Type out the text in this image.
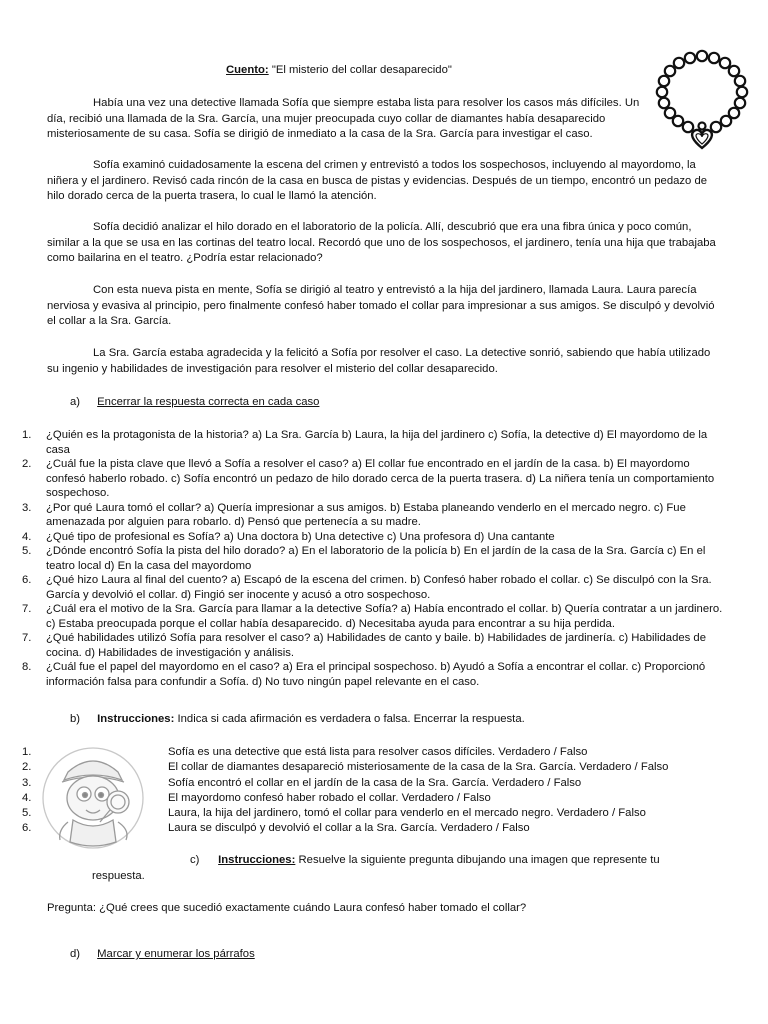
Cuento: "El misterio del collar desaparecido"
Había una vez una detective llamada Sofía que siempre estaba lista para resolver los casos más difíciles. Un día, recibió una llamada de la Sra. García, una mujer preocupada cuyo collar de diamantes había desaparecido misteriosamente de su casa. Sofía se dirigió de inmediato a la casa de la Sra. García para investigar el caso.
Sofía examinó cuidadosamente la escena del crimen y entrevistó a todos los sospechosos, incluyendo al mayordomo, la niñera y el jardinero. Revisó cada rincón de la casa en busca de pistas y evidencias. Después de un tiempo, encontró un pedazo de hilo dorado cerca de la puerta trasera, lo cual le llamó la atención.
Sofía decidió analizar el hilo dorado en el laboratorio de la policía. Allí, descubrió que era una fibra única y poco común, similar a la que se usa en las cortinas del teatro local. Recordó que uno de los sospechosos, el jardinero, tenía una hija que trabajaba como bailarina en el teatro. ¿Podría estar relacionado?
Con esta nueva pista en mente, Sofía se dirigió al teatro y entrevistó a la hija del jardinero, llamada Laura. Laura parecía nerviosa y evasiva al principio, pero finalmente confesó haber tomado el collar para impresionar a sus amigos. Se disculpó y devolvió el collar a la Sra. García.
La Sra. García estaba agradecida y la felicitó a Sofía por resolver el caso. La detective sonrió, sabiendo que había utilizado su ingenio y habilidades de investigación para resolver el misterio del collar desaparecido.
a) Encerrar la respuesta correcta en cada caso
1. ¿Quién es la protagonista de la historia? a) La Sra. García b) Laura, la hija del jardinero c) Sofía, la detective d) El mayordomo de la casa
2. ¿Cuál fue la pista clave que llevó a Sofía a resolver el caso? a) El collar fue encontrado en el jardín de la casa. b) El mayordomo confesó haberlo robado. c) Sofía encontró un pedazo de hilo dorado cerca de la puerta trasera. d) La niñera tenía un comportamiento sospechoso.
3. ¿Por qué Laura tomó el collar? a) Quería impresionar a sus amigos. b) Estaba planeando venderlo en el mercado negro. c) Fue amenazada por alguien para robarlo. d) Pensó que pertenecía a su madre.
4. ¿Qué tipo de profesional es Sofía? a) Una doctora b) Una detective c) Una profesora d) Una cantante
5. ¿Dónde encontró Sofía la pista del hilo dorado? a) En el laboratorio de la policía b) En el jardín de la casa de la Sra. García c) En el teatro local d) En la casa del mayordomo
6. ¿Qué hizo Laura al final del cuento? a) Escapó de la escena del crimen. b) Confesó haber robado el collar. c) Se disculpó con la Sra. García y devolvió el collar. d) Fingió ser inocente y acusó a otro sospechoso.
7. ¿Cuál era el motivo de la Sra. García para llamar a la detective Sofía? a) Había encontrado el collar. b) Quería contratar a un jardinero. c) Estaba preocupada porque el collar había desaparecido. d) Necesitaba ayuda para encontrar a su hija perdida.
7. ¿Qué habilidades utilizó Sofía para resolver el caso? a) Habilidades de canto y baile. b) Habilidades de jardinería. c) Habilidades de cocina. d) Habilidades de investigación y análisis.
8. ¿Cuál fue el papel del mayordomo en el caso? a) Era el principal sospechoso. b) Ayudó a Sofía a encontrar el collar. c) Proporcionó información falsa para confundir a Sofía. d) No tuvo ningún papel relevante en el caso.
b) Instrucciones: Indica si cada afirmación es verdadera o falsa. Encerrar la respuesta.
1.	Sofía es una detective que está lista para resolver casos difíciles. Verdadero / Falso
2.	El collar de diamantes desapareció misteriosamente de la casa de la Sra. García. Verdadero / Falso
3.	Sofía encontró el collar en el jardín de la casa de la Sra. García. Verdadero / Falso
4.	El mayordomo confesó haber robado el collar. Verdadero / Falso
5.	Laura, la hija del jardinero, tomó el collar para venderlo en el mercado negro. Verdadero / Falso
6.	Laura se disculpó y devolvió el collar a la Sra. García. Verdadero / Falso
c) Instrucciones: Resuelve la siguiente pregunta dibujando una imagen que represente tu respuesta.
Pregunta: ¿Qué crees que sucedió exactamente cuándo Laura confesó haber tomado el collar?
d) Marcar y enumerar los párrafos
